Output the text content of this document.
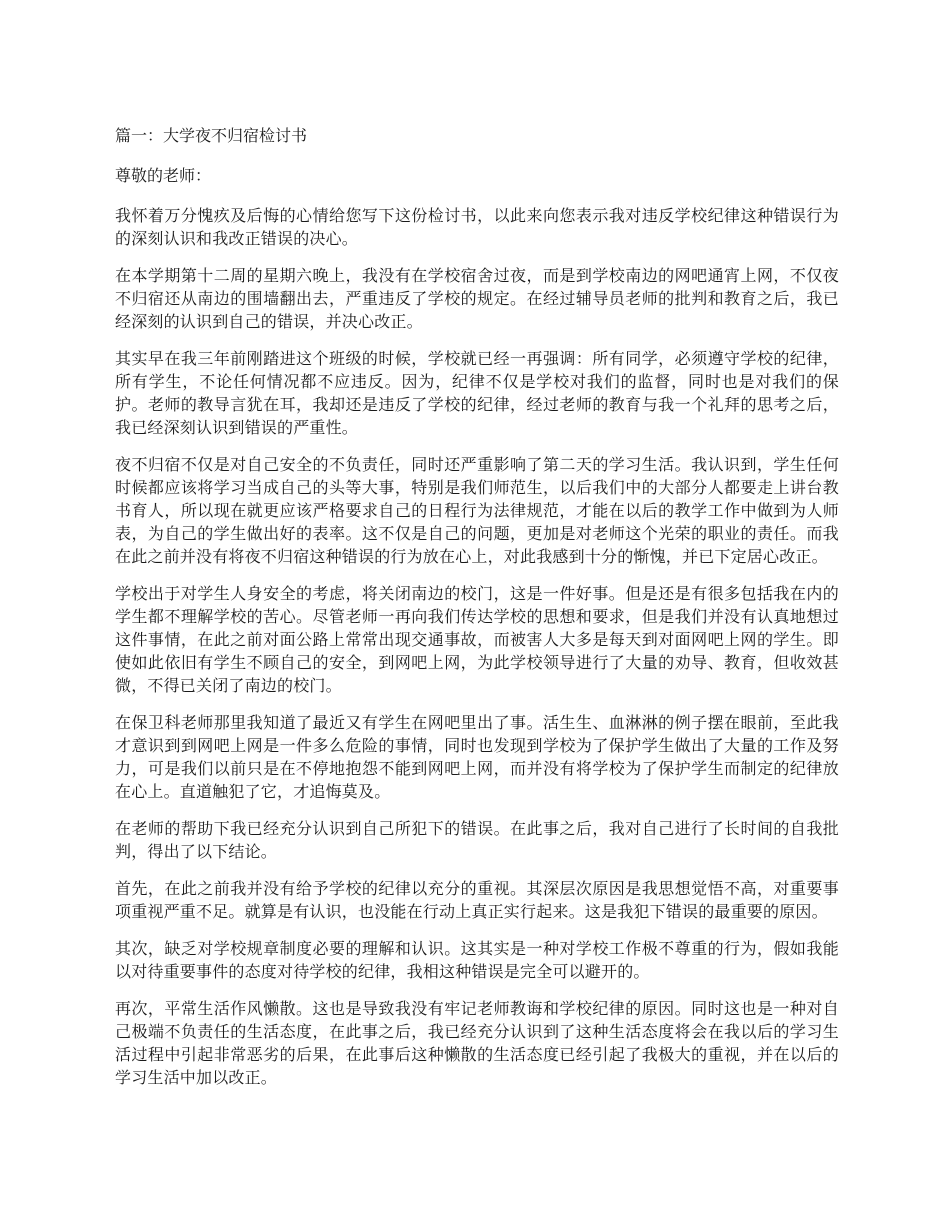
篇一：大学夜不归宿检讨书
尊敬的老师：

我怀着万分愧疚及后悔的心情给您写下这份检讨书，以此来向您表示我对违反学校纪律这种错误行为的深刻认识和我改正错误的决心。

在本学期第十二周的星期六晚上，我没有在学校宿舍过夜，而是到学校南边的网吧通宵上网，不仅夜不归宿还从南边的围墙翻出去，严重违反了学校的规定。在经过辅导员老师的批判和教育之后，我已经深刻的认识到自己的错误，并决心改正。

其实早在我三年前刚踏进这个班级的时候，学校就已经一再强调：所有同学，必须遵守学校的纪律，所有学生，不论任何情况都不应违反。因为，纪律不仅是学校对我们的监督，同时也是对我们的保护。老师的教导言犹在耳，我却还是违反了学校的纪律，经过老师的教育与我一个礼拜的思考之后，我已经深刻认识到错误的严重性。

夜不归宿不仅是对自己安全的不负责任，同时还严重影响了第二天的学习生活。我认识到，学生任何时候都应该将学习当成自己的头等大事，特别是我们师范生，以后我们中的大部分人都要走上讲台教书育人，所以现在就更应该严格要求自己的日程行为法律规范，才能在以后的教学工作中做到为人师表，为自己的学生做出好的表率。这不仅是自己的问题，更加是对老师这个光荣的职业的责任。而我在此之前并没有将夜不归宿这种错误的行为放在心上，对此我感到十分的惭愧，并已下定居心改正。

学校出于对学生人身安全的考虑，将关闭南边的校门，这是一件好事。但是还是有很多包括我在内的学生都不理解学校的苦心。尽管老师一再向我们传达学校的思想和要求，但是我们并没有认真地想过这件事情，在此之前对面公路上常常出现交通事故，而被害人大多是每天到对面网吧上网的学生。即使如此依旧有学生不顾自己的安全，到网吧上网，为此学校领导进行了大量的劝导、教育，但收效甚微，不得已关闭了南边的校门。

在保卫科老师那里我知道了最近又有学生在网吧里出了事。活生生、血淋淋的例子摆在眼前，至此我才意识到到网吧上网是一件多么危险的事情，同时也发现到学校为了保护学生做出了大量的工作及努力，可是我们以前只是在不停地抱怨不能到网吧上网，而并没有将学校为了保护学生而制定的纪律放在心上。直道触犯了它，才追悔莫及。

在老师的帮助下我已经充分认识到自己所犯下的错误。在此事之后，我对自己进行了长时间的自我批判，得出了以下结论。

首先，在此之前我并没有给予学校的纪律以充分的重视。其深层次原因是我思想觉悟不高，对重要事项重视严重不足。就算是有认识，也没能在行动上真正实行起来。这是我犯下错误的最重要的原因。

其次，缺乏对学校规章制度必要的理解和认识。这其实是一种对学校工作极不尊重的行为，假如我能以对待重要事件的态度对待学校的纪律，我相这种错误是完全可以避开的。

再次，平常生活作风懒散。这也是导致我没有牢记老师教诲和学校纪律的原因。同时这也是一种对自己极端不负责任的生活态度，在此事之后，我已经充分认识到了这种生活态度将会在我以后的学习生活过程中引起非常恶劣的后果，在此事后这种懒散的生活态度已经引起了我极大的重视，并在以后的学习生活中加以改正。
